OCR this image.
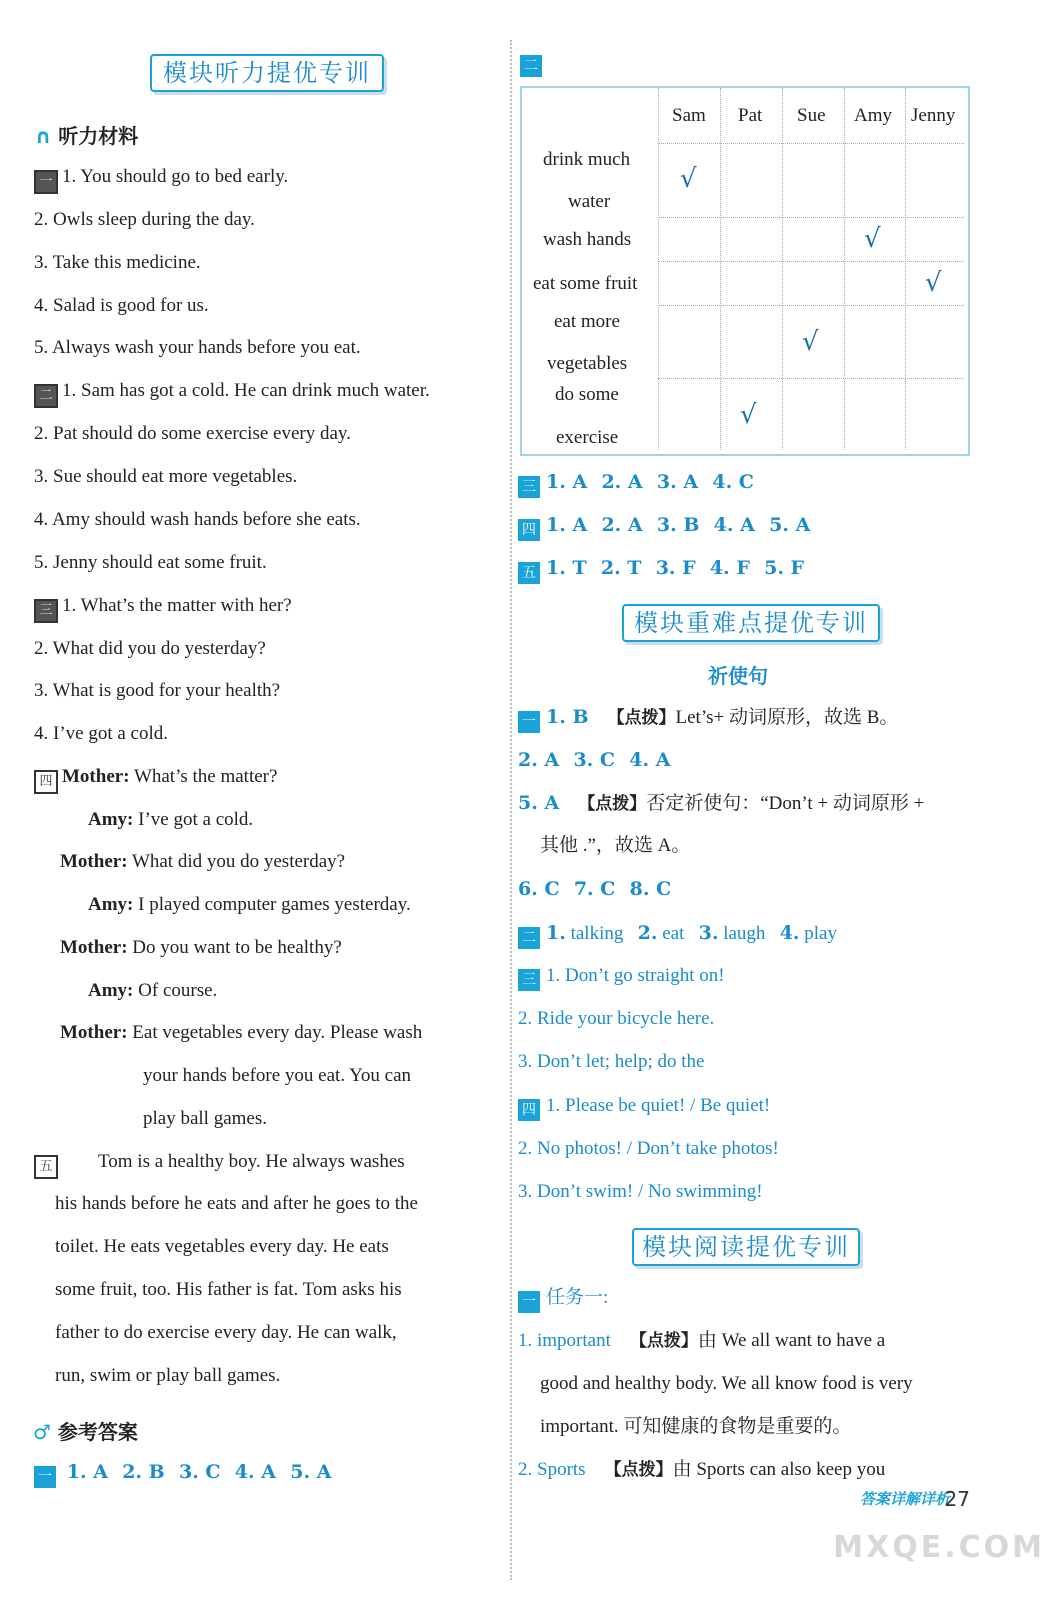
模块听力提优专训
∩ 听力材料
一 1. You should go to bed early.
2. Owls sleep during the day.
3. Take this medicine.
4. Salad is good for us.
5. Always wash your hands before you eat.
二 1. Sam has got a cold. He can drink much water.
2. Pat should do some exercise every day.
3. Sue should eat more vegetables.
4. Amy should wash hands before she eats.
5. Jenny should eat some fruit.
三 1. What’s the matter with her?
2. What did you do yesterday?
3. What is good for your health?
4. I’ve got a cold.
四 Mother: What’s the matter?
Amy: I’ve got a cold.
Mother: What did you do yesterday?
Amy: I played computer games yesterday.
Mother: Do you want to be healthy?
Amy: Of course.
Mother: Eat vegetables every day. Please wash
your hands before you eat. You can
play ball games.
五 Tom is a healthy boy. He always washes
his hands before he eats and after he goes to the
toilet. He eats vegetables every day. He eats
some fruit, too. His father is fat. Tom asks his
father to do exercise every day. He can walk,
run, swim or play ball games.
♂ 参考答案
一 1. A 2. B 3. C 4. A 5. A
二
Sam Pat Sue Amy Jenny
drink much
water
wash hands
eat some fruit
eat more
vegetables
do some
exercise
√
√
√
√
√
三 1. A 2. A 3. A 4. C
四 1. A 2. A 3. B 4. A 5. A
五 1. T 2. T 3. F 4. F 5. F
模块重难点提优专训
祈使句
一 1. B 【点拨】Let’s+ 动词原形，故选 B。
2. A 3. C 4. A
5. A 【点拨】否定祈使句：“Don’t + 动词原形 +
其他 .”，故选 A。
6. C 7. C 8. C
二 1. talking 2. eat 3. laugh 4. play
三 1. Don’t go straight on!
2. Ride your bicycle here.
3. Don’t let; help; do the
四 1. Please be quiet! / Be quiet!
2. No photos! / Don’t take photos!
3. Don’t swim! / No swimming!
模块阅读提优专训
一 任务一:
1. important 【点拨】由 We all want to have a
good and healthy body. We all know food is very
important. 可知健康的食物是重要的。
2. Sports 【点拨】由 Sports can also keep you
答案详解详析
27
MXQE.COM
